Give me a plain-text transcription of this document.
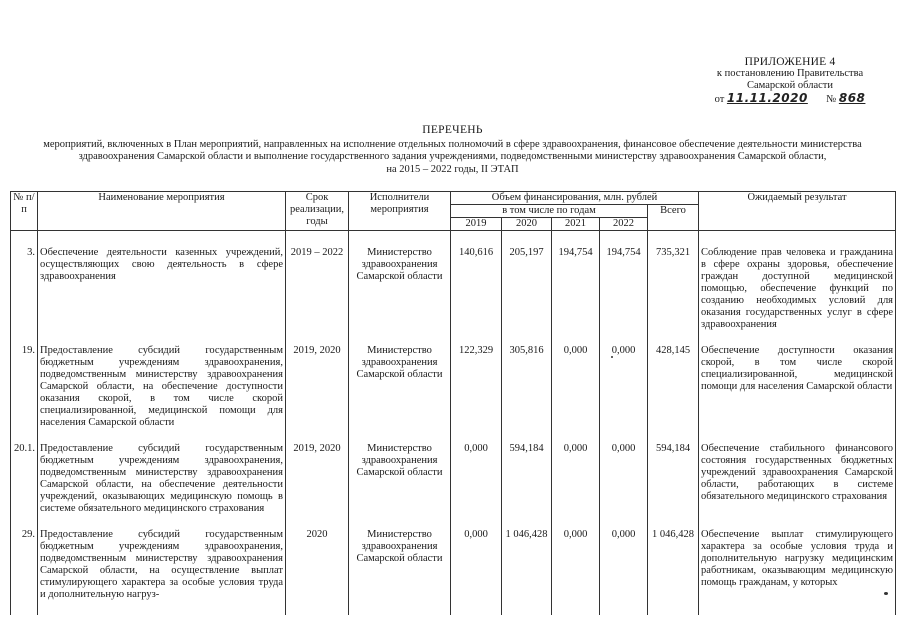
ПРИЛОЖЕНИЕ 4
к постановлению Правительства
Самарской области
от 11.11.2020 № 868
ПЕРЕЧЕНЬ
мероприятий, включенных в План мероприятий, направленных на исполнение отдельных полномочий в сфере здравоохранения, финансовое обеспечение деятельности министерства
здравоохранения Самарской области и выполнение государственного задания учреждениями, подведомственными министерству здравоохранения Самарской области,
на 2015 – 2022 годы, II ЭТАП
№ п/п	Наименование мероприятия	Срок реализации, годы	Исполнители мероприятия	Объем финансирования, млн. рублей					Ожидаемый результат
				в том числе по годам				Всего	
				2019	2020	2021	2022		

3.	Обеспечение деятельности казенных учреждений, осуществляющих свою деятельность в сфере здравоохранения	2019 – 2022	Министерство здравоохранения Самарской области	140,616	205,197	194,754	194,754	735,321	Соблюдение прав человека и гражданина в сфере охраны здоровья, обеспечение граждан доступной медицинской помощью, обеспечение функций по созданию необходимых условий для оказания государственных услуг в сфере здравоохранения
19.	Предоставление субсидий государственным бюджетным учреждениям здравоохранения, подведомственным министерству здравоохранения Самарской области, на обеспечение доступности оказания скорой, в том числе скорой специализированной, медицинской помощи для населения Самарской области	2019, 2020	Министерство здравоохранения Самарской области	122,329	305,816	0,000	0,000	428,145	Обеспечение доступности оказания скорой, в том числе скорой специализированной, медицинской помощи для населения Самарской области
20.1.	Предоставление субсидий государственным бюджетным учреждениям здравоохранения, подведомственным министерству здравоохранения Самарской области, на обеспечение деятельности учреждений, оказывающих медицинскую помощь в системе обязательного медицинского страхования	2019, 2020	Министерство здравоохранения Самарской области	0,000	594,184	0,000	0,000	594,184	Обеспечение стабильного финансового состояния государственных бюджетных учреждений здравоохранения Самарской области, работающих в системе обязательного медицинского страхования
29.	Предоставление субсидий государственным бюджетным учреждениям здравоохранения, подведомственным министерству здравоохранения Самарской области, на осуществление выплат стимулирующего характера за особые условия труда и дополнительную нагруз-	2020	Министерство здравоохранения Самарской области	0,000	1 046,428	0,000	0,000	1 046,428	Обеспечение выплат стимулирующего характера за особые условия труда и дополнительную нагрузку медицинским работникам, оказывающим медицинскую помощь гражданам, у которых
